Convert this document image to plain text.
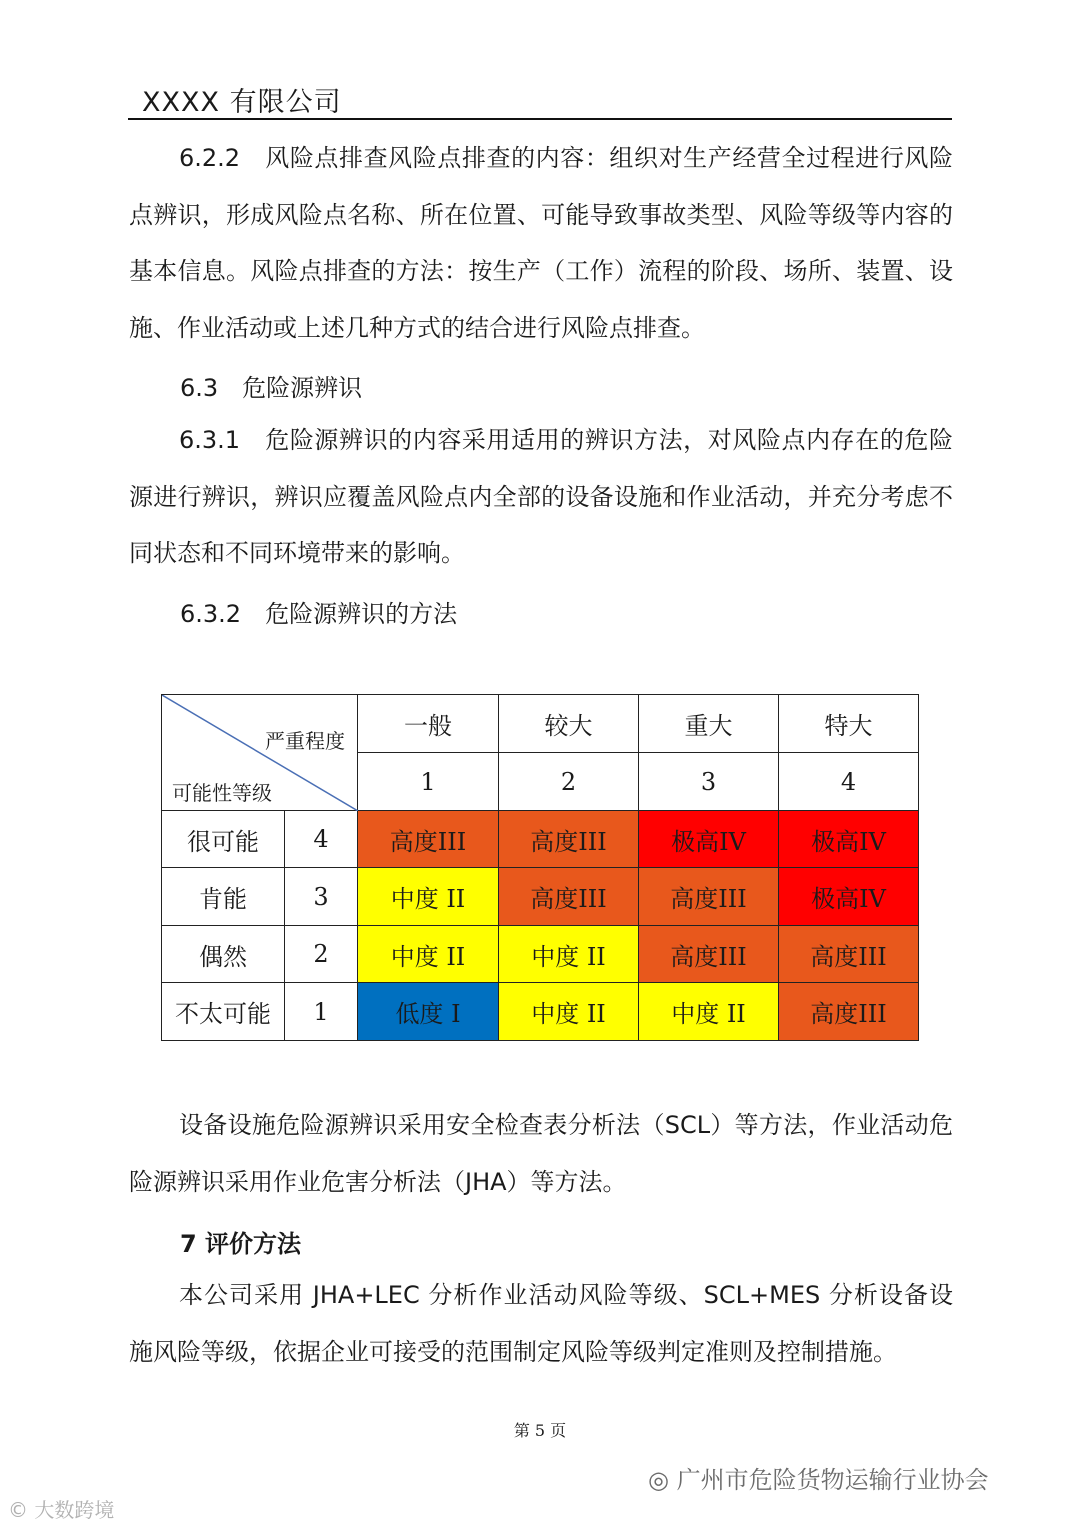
XXXX 有限公司
6.2.2　风险点排查风险点排查的内容：组织对生产经营全过程进行风险点辨识，形成风险点名称、所在位置、可能导致事故类型、风险等级等内容的基本信息。风险点排查的方法：按生产（工作）流程的阶段、场所、装置、设施、作业活动或上述几种方式的结合进行风险点排查。
6.3　危险源辨识
6.3.1　危险源辨识的内容采用适用的辨识方法，对风险点内存在的危险源进行辨识，辨识应覆盖风险点内全部的设备设施和作业活动，并充分考虑不同状态和不同环境带来的影响。
6.3.2　危险源辨识的方法
严重程度
可能性等级		一般	较大	重大	特大
		1	2	3	4
很可能	4	高度III	高度III	极高IV	极高IV
肯能	3	中度 II	高度III	高度III	极高IV
偶然	2	中度 II	中度 II	高度III	高度III
不太可能	1	低度 I	中度 II	中度 II	高度III
设备设施危险源辨识采用安全检查表分析法（SCL）等方法，作业活动危险源辨识采用作业危害分析法（JHA）等方法。
7 评价方法
本公司采用 JHA+LEC 分析作业活动风险等级、SCL+MES 分析设备设施风险等级，依据企业可接受的范围制定风险等级判定准则及控制措施。
第 5 页
◎ 广州市危险货物运输行业协会
© 大数跨境
